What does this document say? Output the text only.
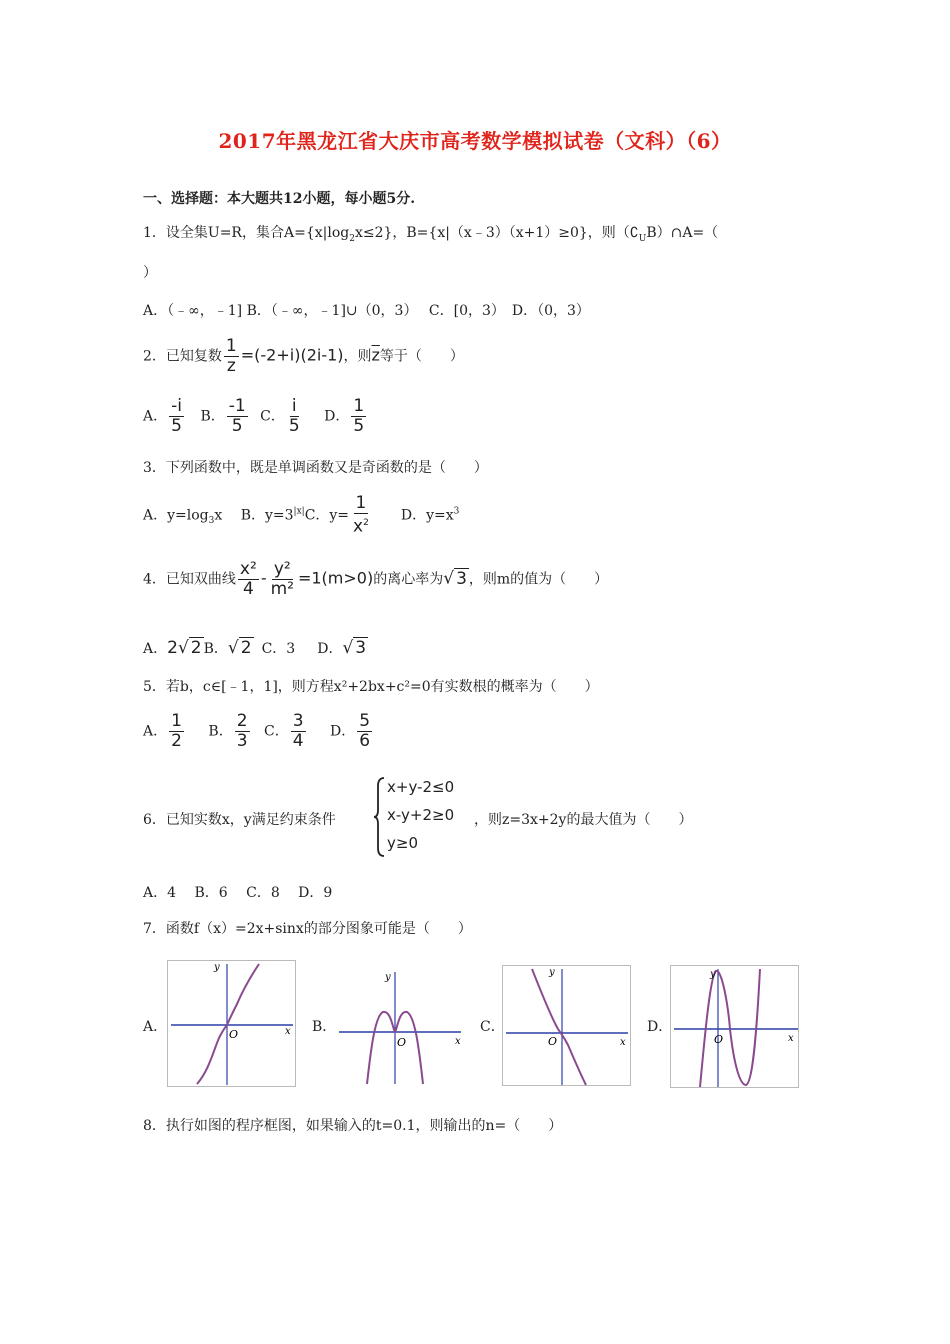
2017年黑龙江省大庆市高考数学模拟试卷（文科）（6）
一、选择题：本大题共12小题，每小题5分.
1．设全集U=R，集合$A=\{x|\log_2x\le 2\}$，B={x|（x﹣3）（x+1）≥0}，则$(∁_UB)\cap A=$（
）
A．（﹣∞，﹣1] B．（﹣∞，﹣1]∪（0，3）　 C．[0，3）　D．（0，3）
2．已知复数 $\frac{1}{z} =(-2+i)(2i-1)$，则$\overline{z}$等于（　　）
A． $\frac{-i}{5}$ B． $\frac{-1}{5}$ C． $\frac{i}{5}$ D． $\frac{1}{5}$
3．下列函数中，既是单调函数又是奇函数的是（　　）
A．$y=\log_3x$　 B．$y=3^{|x|}C$．$y= \frac{1}{x^2}$ D．$y=x^3$
4．已知双曲线 $\frac{\text{x²}}{4} - \frac{\text{y²}}{\text{m²}} =1(m>0)$的离心率为√ 3 ，则m的值为（　　）
A．2√ 2 B．√ 2 C．3 D．√ 3
5．若b，c∈[﹣1，1]，则方程x²+2bx+c²=0有实数根的概率为（　　）
A． $\frac{1}{2}$ B． $\frac{2}{3}$ C． $\frac{3}{4}$ D． $\frac{5}{6}$
6．已知实数x，y满足约束条件
x+y-2≤0
x-y+2≥0
y≥0
，则z=3x+2y的最大值为（　　）
A．4　 B．6　 C．8　 D．9
7．函数f（x）=2x+sinx的部分图象可能是（　　）
A．	B．	C．	D．
y
x
O
y
x
O
y
x
O
y
x
O
8．执行如图的程序框图，如果输入的t=0.1，则输出的n=（　　）
